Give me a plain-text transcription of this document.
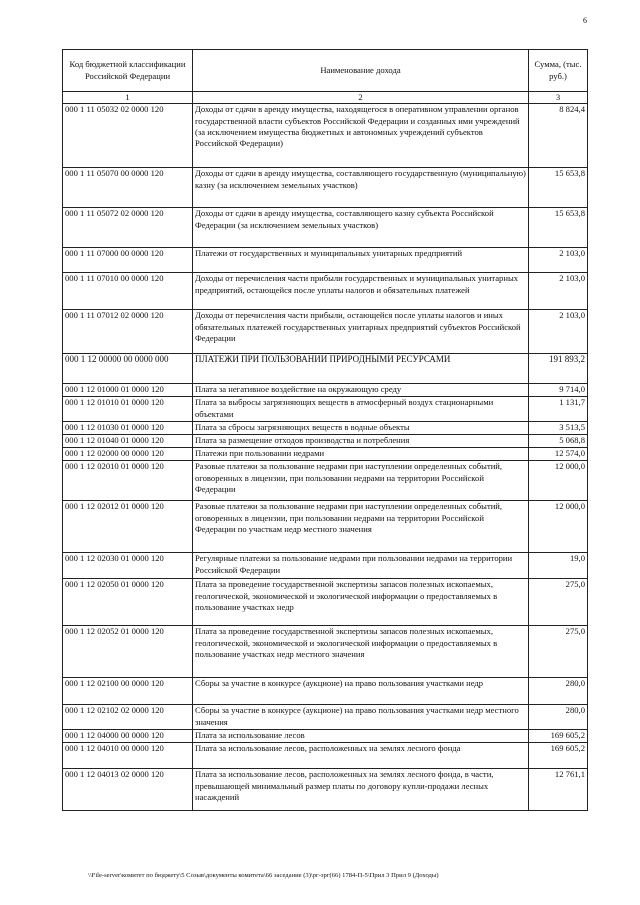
6
Код бюджетной классификации Российской Федерации	Наименование дохода	Сумма, (тыс. руб.)
1	2	3
000 1 11 05032 02 0000 120	Доходы от сдачи в аренду имущества, находящегося в оперативном управлении органов государственной власти субъектов Российской Федерации и созданных ими учреждений (за исключением имущества бюджетных и автономных учреждений субъектов Российской Федерации)	8 824,4
000 1 11 05070 00 0000 120	Доходы от сдачи в аренду имущества, составляющего государственную (муниципальную) казну (за исключением земельных участков)	15 653,8
000 1 11 05072 02 0000 120	Доходы от сдачи в аренду имущества, составляющего казну субъекта Российской Федерации (за исключением земельных участков)	15 653,8
000 1 11 07000 00 0000 120	Платежи от государственных и муниципальных унитарных предприятий	2 103,0
000 1 11 07010 00 0000 120	Доходы от перечисления части прибыли государственных и муниципальных унитарных предприятий, остающейся после уплаты налогов и обязательных платежей	2 103,0
000 1 11 07012 02 0000 120	Доходы от перечисления части прибыли, остающейся после уплаты налогов и иных обязательных платежей государственных унитарных предприятий субъектов Российской Федерации	2 103,0
000 1 12 00000 00 0000 000	ПЛАТЕЖИ ПРИ ПОЛЬЗОВАНИИ ПРИРОДНЫМИ РЕСУРСАМИ	191 893,2
000 1 12 01000 01 0000 120	Плата за негативное воздействие на окружающую среду	9 714,0
000 1 12 01010 01 0000 120	Плата за выбросы загрязняющих веществ в атмосферный воздух стационарными объектами	1 131,7
000 1 12 01030 01 0000 120	Плата за сбросы загрязняющих веществ в водные объекты	3 513,5
000 1 12 01040 01 0000 120	Плата за размещение отходов производства и потребления	5 068,8
000 1 12 02000 00 0000 120	Платежи при пользовании недрами	12 574,0
000 1 12 02010 01 0000 120	Разовые платежи за пользование недрами при наступлении определенных событий, оговоренных в лицензии, при пользовании недрами на территории Российской Федерации	12 000,0
000 1 12 02012 01 0000 120	Разовые платежи за пользование недрами при наступлении определенных событий, оговоренных в лицензии, при пользовании недрами на территории Российской Федерации по участкам недр местного значения	12 000,0
000 1 12 02030 01 0000 120	Регулярные платежи за пользование недрами при пользовании недрами на территории Российской Федерации	19,0
000 1 12 02050 01 0000 120	Плата за проведение государственной экспертизы запасов полезных ископаемых, геологической, экономической и экологической информации о предоставляемых в пользование участках недр	275,0
000 1 12 02052 01 0000 120	Плата за проведение государственной экспертизы запасов полезных ископаемых, геологической, экономической и экологической информации о предоставляемых в пользование участках недр местного значения	275,0
000 1 12 02100 00 0000 120	Сборы за участие в конкурсе (аукционе) на право пользования участками недр	280,0
000 1 12 02102 02 0000 120	Сборы за участие в конкурсе (аукционе) на право пользования участками недр местного значения	280,0
000 1 12 04000 00 0000 120	Плата за использование лесов	169 605,2
000 1 12 04010 00 0000 120	Плата за использование лесов, расположенных на землях лесного фонда	169 605,2
000 1 12 04013 02 0000 120	Плата за использование лесов, расположенных на землях лесного фонда, в части, превышающей минимальный размер платы по договору купли-продажи лесных насаждений	12 761,1
\\File-server\комитет по бюджету\5 Созыв\документы комитета\66 заседание (3)\рг-зрг(66) 1784-П-5\Прил 3 Прил 9 (Доходы)
